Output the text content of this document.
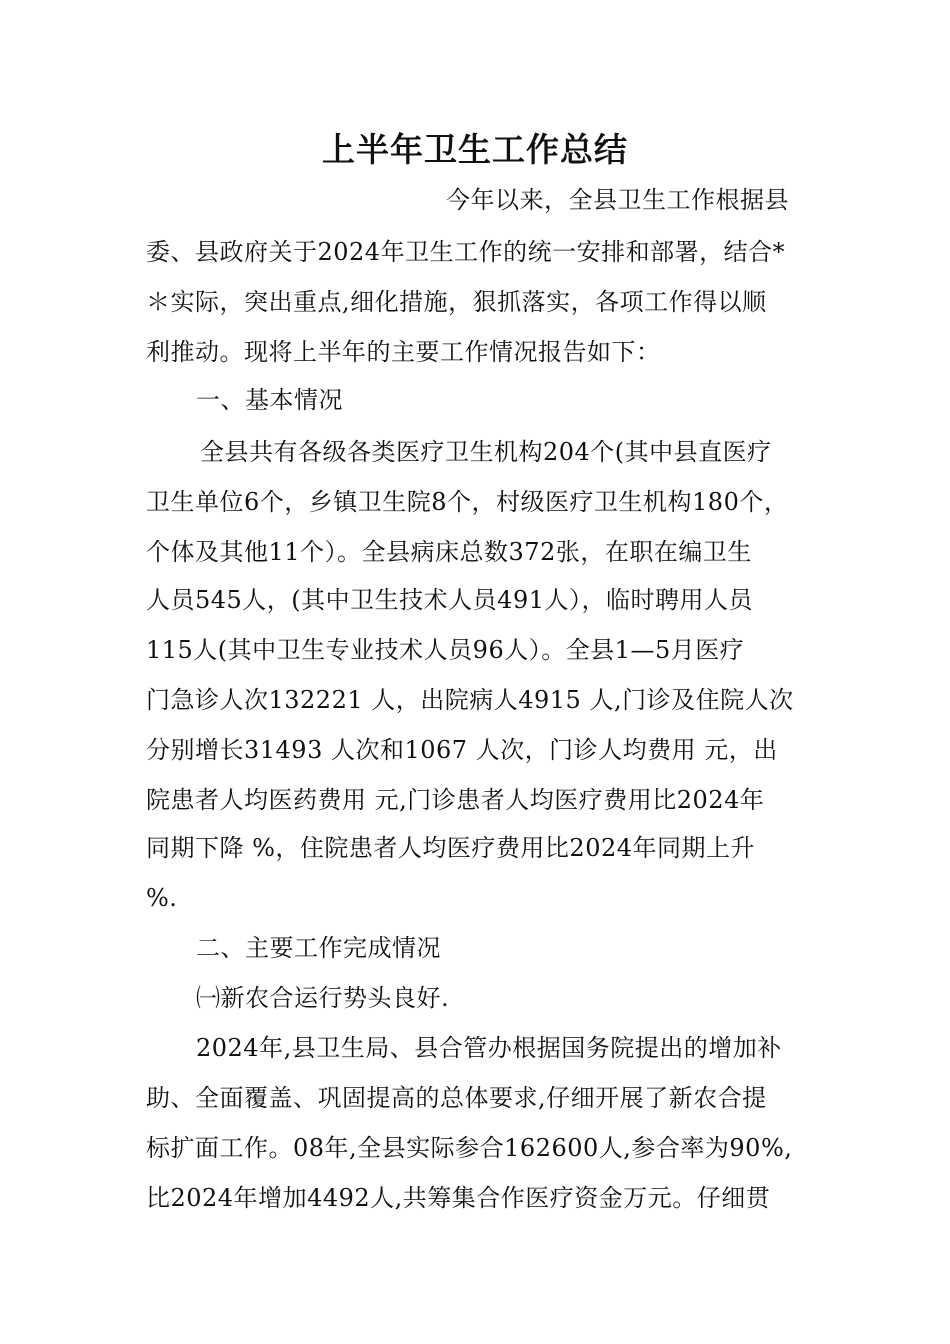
上半年卫生工作总结
今年以来，全县卫生工作根据县
委、县政府关于2024年卫生工作的统一安排和部署，结合*
＊实际，突出重点,细化措施，狠抓落实，各项工作得以顺
利推动。现将上半年的主要工作情况报告如下：
一、基本情况
全县共有各级各类医疗卫生机构204个(其中县直医疗
卫生单位6个，乡镇卫生院8个，村级医疗卫生机构180个，
个体及其他11个）。全县病床总数372张，在职在编卫生
人员545人，(其中卫生技术人员491人），临时聘用人员
115人(其中卫生专业技术人员96人）。全县1—5月医疗
门急诊人次132221 人，出院病人4915 人,门诊及住院人次
分别增长31493 人次和1067 人次，门诊人均费用 元，出
院患者人均医药费用 元,门诊患者人均医疗费用比2024年
同期下降 %，住院患者人均医疗费用比2024年同期上升
%.
二、主要工作完成情况
㈠新农合运行势头良好.
2024年,县卫生局、县合管办根据国务院提出的增加补
助、全面覆盖、巩固提高的总体要求,仔细开展了新农合提
标扩面工作。08年,全县实际参合162600人,参合率为90%,
比2024年增加4492人,共筹集合作医疗资金万元。仔细贯
